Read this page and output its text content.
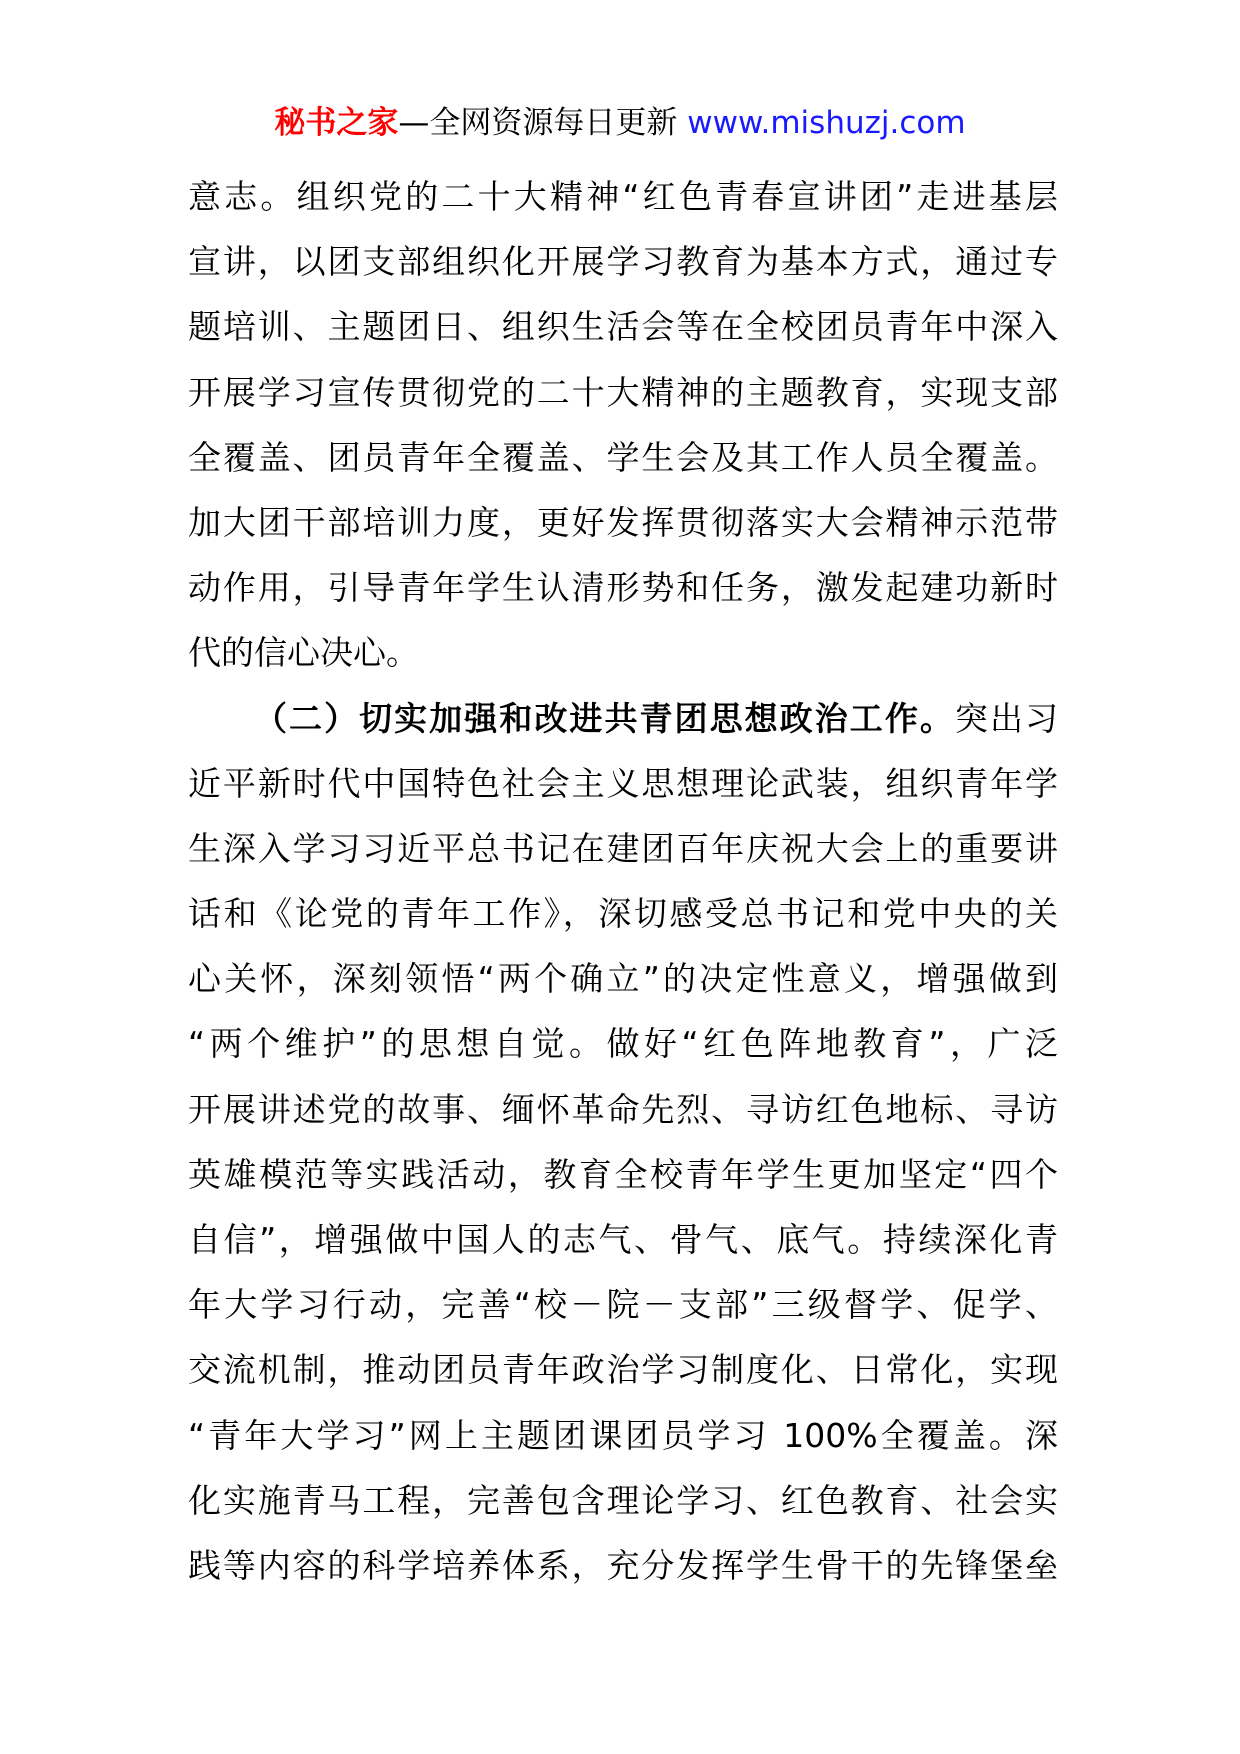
秘书之家—全网资源每日更新 www.mishuzj.com
意志。组织党的二十大精神“红色青春宣讲团”走进基层
宣讲，以团支部组织化开展学习教育为基本方式，通过专
题培训、主题团日、组织生活会等在全校团员青年中深入
开展学习宣传贯彻党的二十大精神的主题教育，实现支部
全覆盖、团员青年全覆盖、学生会及其工作人员全覆盖。
加大团干部培训力度，更好发挥贯彻落实大会精神示范带
动作用，引导青年学生认清形势和任务，激发起建功新时
代的信心决心。
（二）切实加强和改进共青团思想政治工作。突出习
近平新时代中国特色社会主义思想理论武装，组织青年学
生深入学习习近平总书记在建团百年庆祝大会上的重要讲
话和《论党的青年工作》，深切感受总书记和党中央的关
心关怀，深刻领悟“两个确立”的决定性意义，增强做到
“两个维护”的思想自觉。做好“红色阵地教育”，广泛
开展讲述党的故事、缅怀革命先烈、寻访红色地标、寻访
英雄模范等实践活动，教育全校青年学生更加坚定“四个
自信”，增强做中国人的志气、骨气、底气。持续深化青
年大学习行动，完善“校－院－支部”三级督学、促学、
交流机制，推动团员青年政治学习制度化、日常化，实现
“青年大学习”网上主题团课团员学习 100%全覆盖。深
化实施青马工程，完善包含理论学习、红色教育、社会实
践等内容的科学培养体系，充分发挥学生骨干的先锋堡垒
